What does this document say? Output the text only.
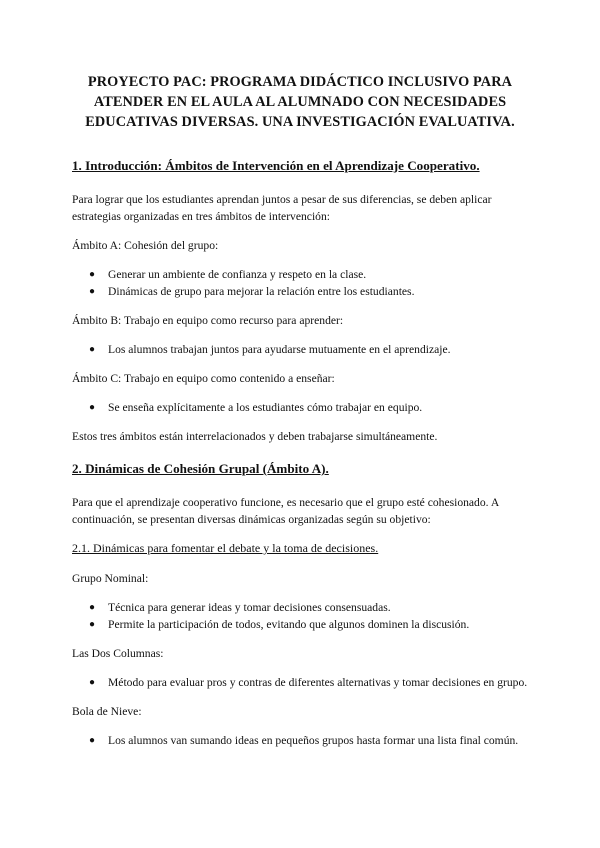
PROYECTO PAC: PROGRAMA DIDÁCTICO INCLUSIVO PARA
ATENDER EN EL AULA AL ALUMNADO CON NECESIDADES
EDUCATIVAS DIVERSAS. UNA INVESTIGACIÓN EVALUATIVA.
1. Introducción: Ámbitos de Intervención en el Aprendizaje Cooperativo.

Para lograr que los estudiantes aprendan juntos a pesar de sus diferencias, se deben aplicar estrategias organizadas en tres ámbitos de intervención:

Ámbito A: Cohesión del grupo:

● Generar un ambiente de confianza y respeto en la clase.
● Dinámicas de grupo para mejorar la relación entre los estudiantes.

Ámbito B: Trabajo en equipo como recurso para aprender:

● Los alumnos trabajan juntos para ayudarse mutuamente en el aprendizaje.

Ámbito C: Trabajo en equipo como contenido a enseñar:

● Se enseña explícitamente a los estudiantes cómo trabajar en equipo.

Estos tres ámbitos están interrelacionados y deben trabajarse simultáneamente.

2. Dinámicas de Cohesión Grupal (Ámbito A).

Para que el aprendizaje cooperativo funcione, es necesario que el grupo esté cohesionado. A continuación, se presentan diversas dinámicas organizadas según su objetivo:

2.1. Dinámicas para fomentar el debate y la toma de decisiones.

Grupo Nominal:

● Técnica para generar ideas y tomar decisiones consensuadas.
● Permite la participación de todos, evitando que algunos dominen la discusión.

Las Dos Columnas:

● Método para evaluar pros y contras de diferentes alternativas y tomar decisiones en grupo.

Bola de Nieve:

● Los alumnos van sumando ideas en pequeños grupos hasta formar una lista final común.
